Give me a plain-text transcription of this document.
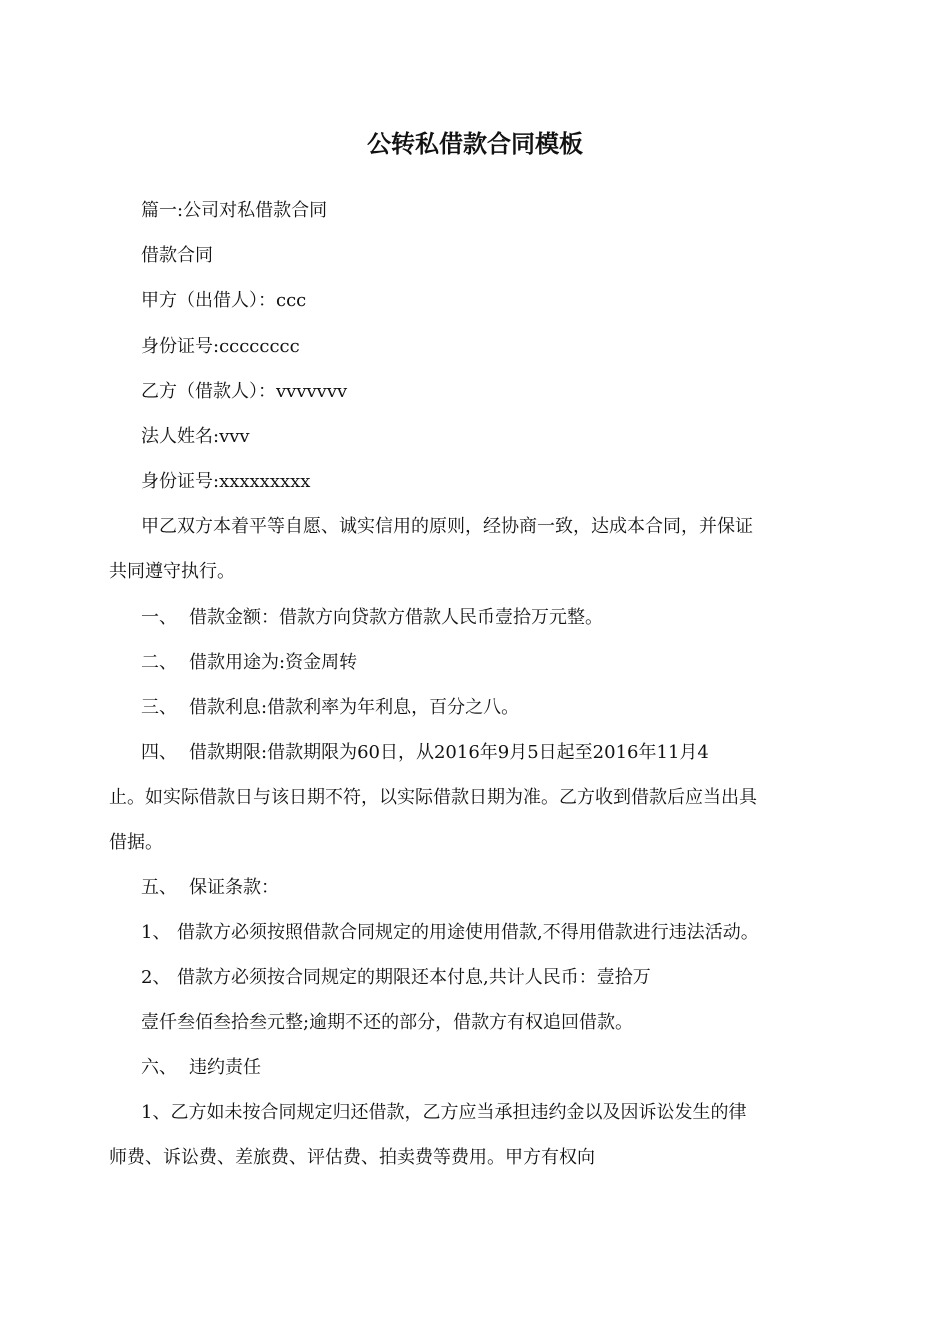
公转私借款合同模板

篇一:公司对私借款合同

借款合同

甲方（出借人）：ccc

身份证号:cccccccc

乙方（借款人）：vvvvvvv

法人姓名:vvv

身份证号:xxxxxxxxx

甲乙双方本着平等自愿、诚实信用的原则，经协商一致，达成本合同，并保证

共同遵守执行。

一、 借款金额：借款方向贷款方借款人民币壹拾万元整。

二、 借款用途为:资金周转

三、 借款利息:借款利率为年利息，百分之八。

四、 借款期限:借款期限为60日，从2016年9月5日起至2016年11月4

止。如实际借款日与该日期不符，以实际借款日期为准。乙方收到借款后应当出具

借据。

五、 保证条款：

1、 借款方必须按照借款合同规定的用途使用借款,不得用借款进行违法活动。

2、 借款方必须按合同规定的期限还本付息,共计人民币：壹拾万

壹仟叁佰叁拾叁元整;逾期不还的部分，借款方有权追回借款。

六、 违约责任

1、乙方如未按合同规定归还借款，乙方应当承担违约金以及因诉讼发生的律

师费、诉讼费、差旅费、评估费、拍卖费等费用。甲方有权向
